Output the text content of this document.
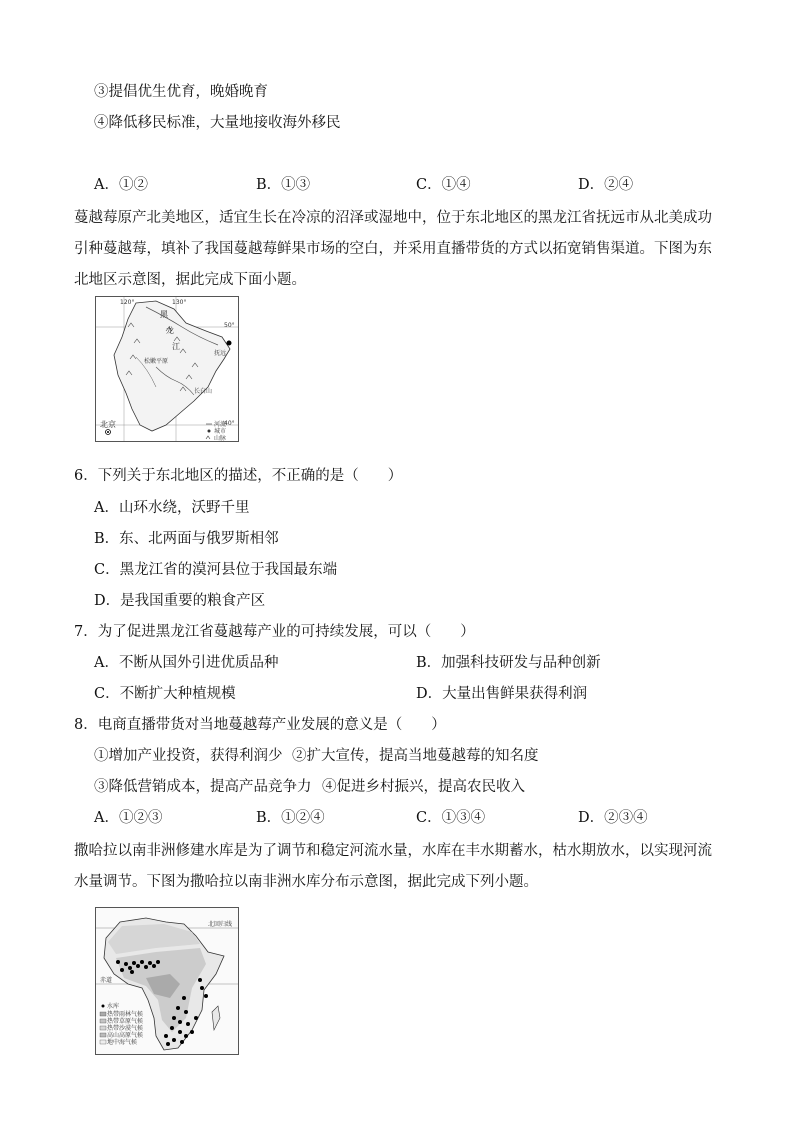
③提倡优生优育，晚婚晚育
④降低移民标准，大量地接收海外移民
A．①②	B．①③	C．①④	D．②④
蔓越莓原产北美地区，适宜生长在冷凉的沼泽或湿地中，位于东北地区的黑龙江省抚远市从北美成功引种蔓越莓，填补了我国蔓越莓鲜果市场的空白，并采用直播带货的方式以拓宽销售渠道。下图为东北地区示意图，据此完成下面小题。
120°	130°
50°
40°
黑
龙
江
松嫩平原
抚远
长白山
北京	河流
城市
山脉
6．下列关于东北地区的描述，不正确的是（　　）
A．山环水绕，沃野千里
B．东、北两面与俄罗斯相邻
C．黑龙江省的漠河县位于我国最东端
D．是我国重要的粮食产区
7．为了促进黑龙江省蔓越莓产业的可持续发展，可以（　　）
A．不断从国外引进优质品种	B．加强科技研发与品种创新
C．不断扩大种植规模	D．大量出售鲜果获得利润
8．电商直播带货对当地蔓越莓产业发展的意义是（　　）
①增加产业投资，获得利润少 ②扩大宣传，提高当地蔓越莓的知名度
③降低营销成本，提高产品竞争力 ④促进乡村振兴，提高农民收入
A．①②③	B．①②④	C．①③④	D．②③④
撒哈拉以南非洲修建水库是为了调节和稳定河流水量，水库在丰水期蓄水，枯水期放水，以实现河流水量调节。下图为撒哈拉以南非洲水库分布示意图，据此完成下列小题。
北回归线
赤道
水库
热带雨林气候
热带草原气候
热带沙漠气候
高山高原气候
地中海气候
